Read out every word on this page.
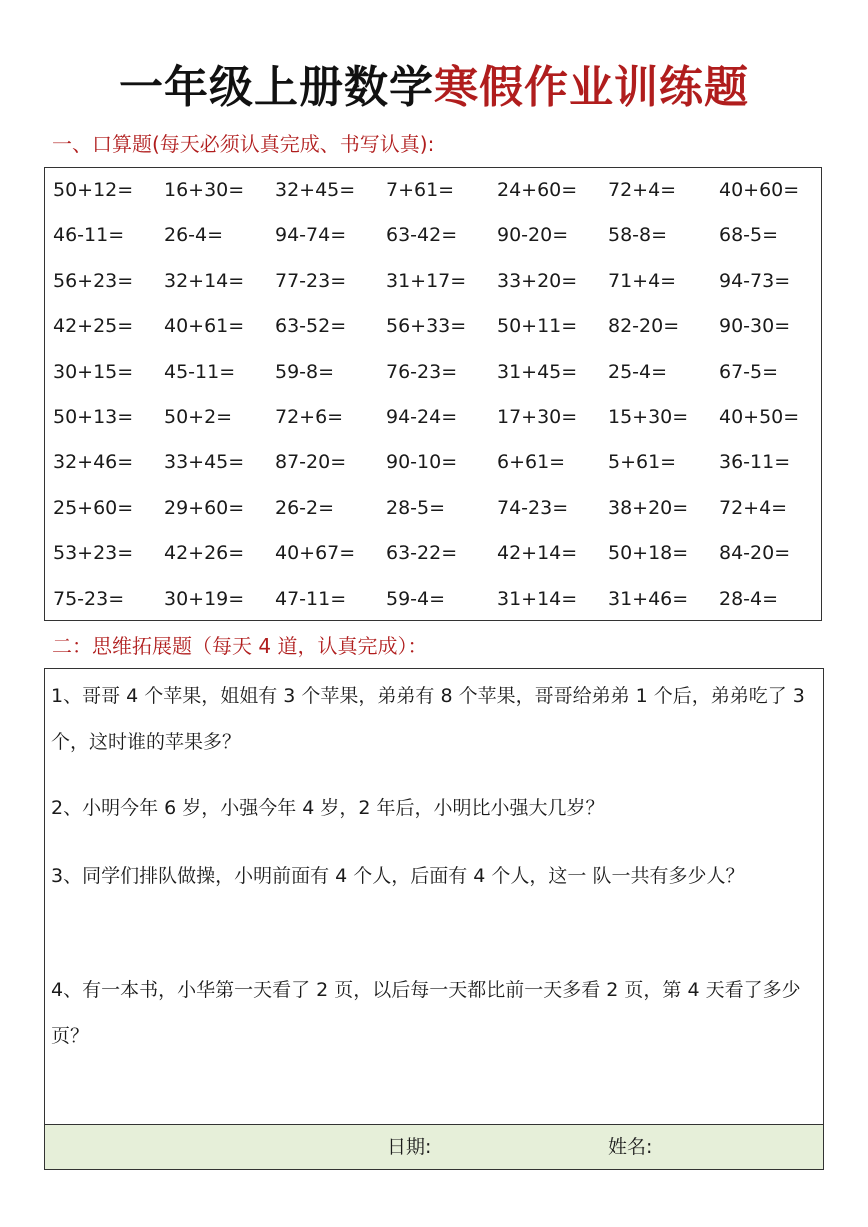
一年级上册数学寒假作业训练题
一、口算题(每天必须认真完成、书写认真):
50+12=	16+30=	32+45=	7+61=	24+60=	72+4=	40+60=
46-11=	26-4=	94-74=	63-42=	90-20=	58-8=	68-5=
56+23=	32+14=	77-23=	31+17=	33+20=	71+4=	94-73=
42+25=	40+61=	63-52=	56+33=	50+11=	82-20=	90-30=
30+15=	45-11=	59-8=	76-23=	31+45=	25-4=	67-5=
50+13=	50+2=	72+6=	94-24=	17+30=	15+30=	40+50=
32+46=	33+45=	87-20=	90-10=	6+61=	5+61=	36-11=
25+60=	29+60=	26-2=	28-5=	74-23=	38+20=	72+4=
53+23=	42+26=	40+67=	63-22=	42+14=	50+18=	84-20=
75-23=	30+19=	47-11=	59-4=	31+14=	31+46=	28-4=
二：思维拓展题（每天 4 道，认真完成）：
1、哥哥 4 个苹果，姐姐有 3 个苹果，弟弟有 8 个苹果，哥哥给弟弟 1 个后，弟弟吃了 3 个，这时谁的苹果多？
2、小明今年 6 岁，小强今年 4 岁，2 年后，小明比小强大几岁？
3、同学们排队做操，小明前面有 4 个人，后面有 4 个人，这一 队一共有多少人？
4、有一本书，小华第一天看了 2 页，以后每一天都比前一天多看 2 页，第 4 天看了多少页？
日期:	姓名:
